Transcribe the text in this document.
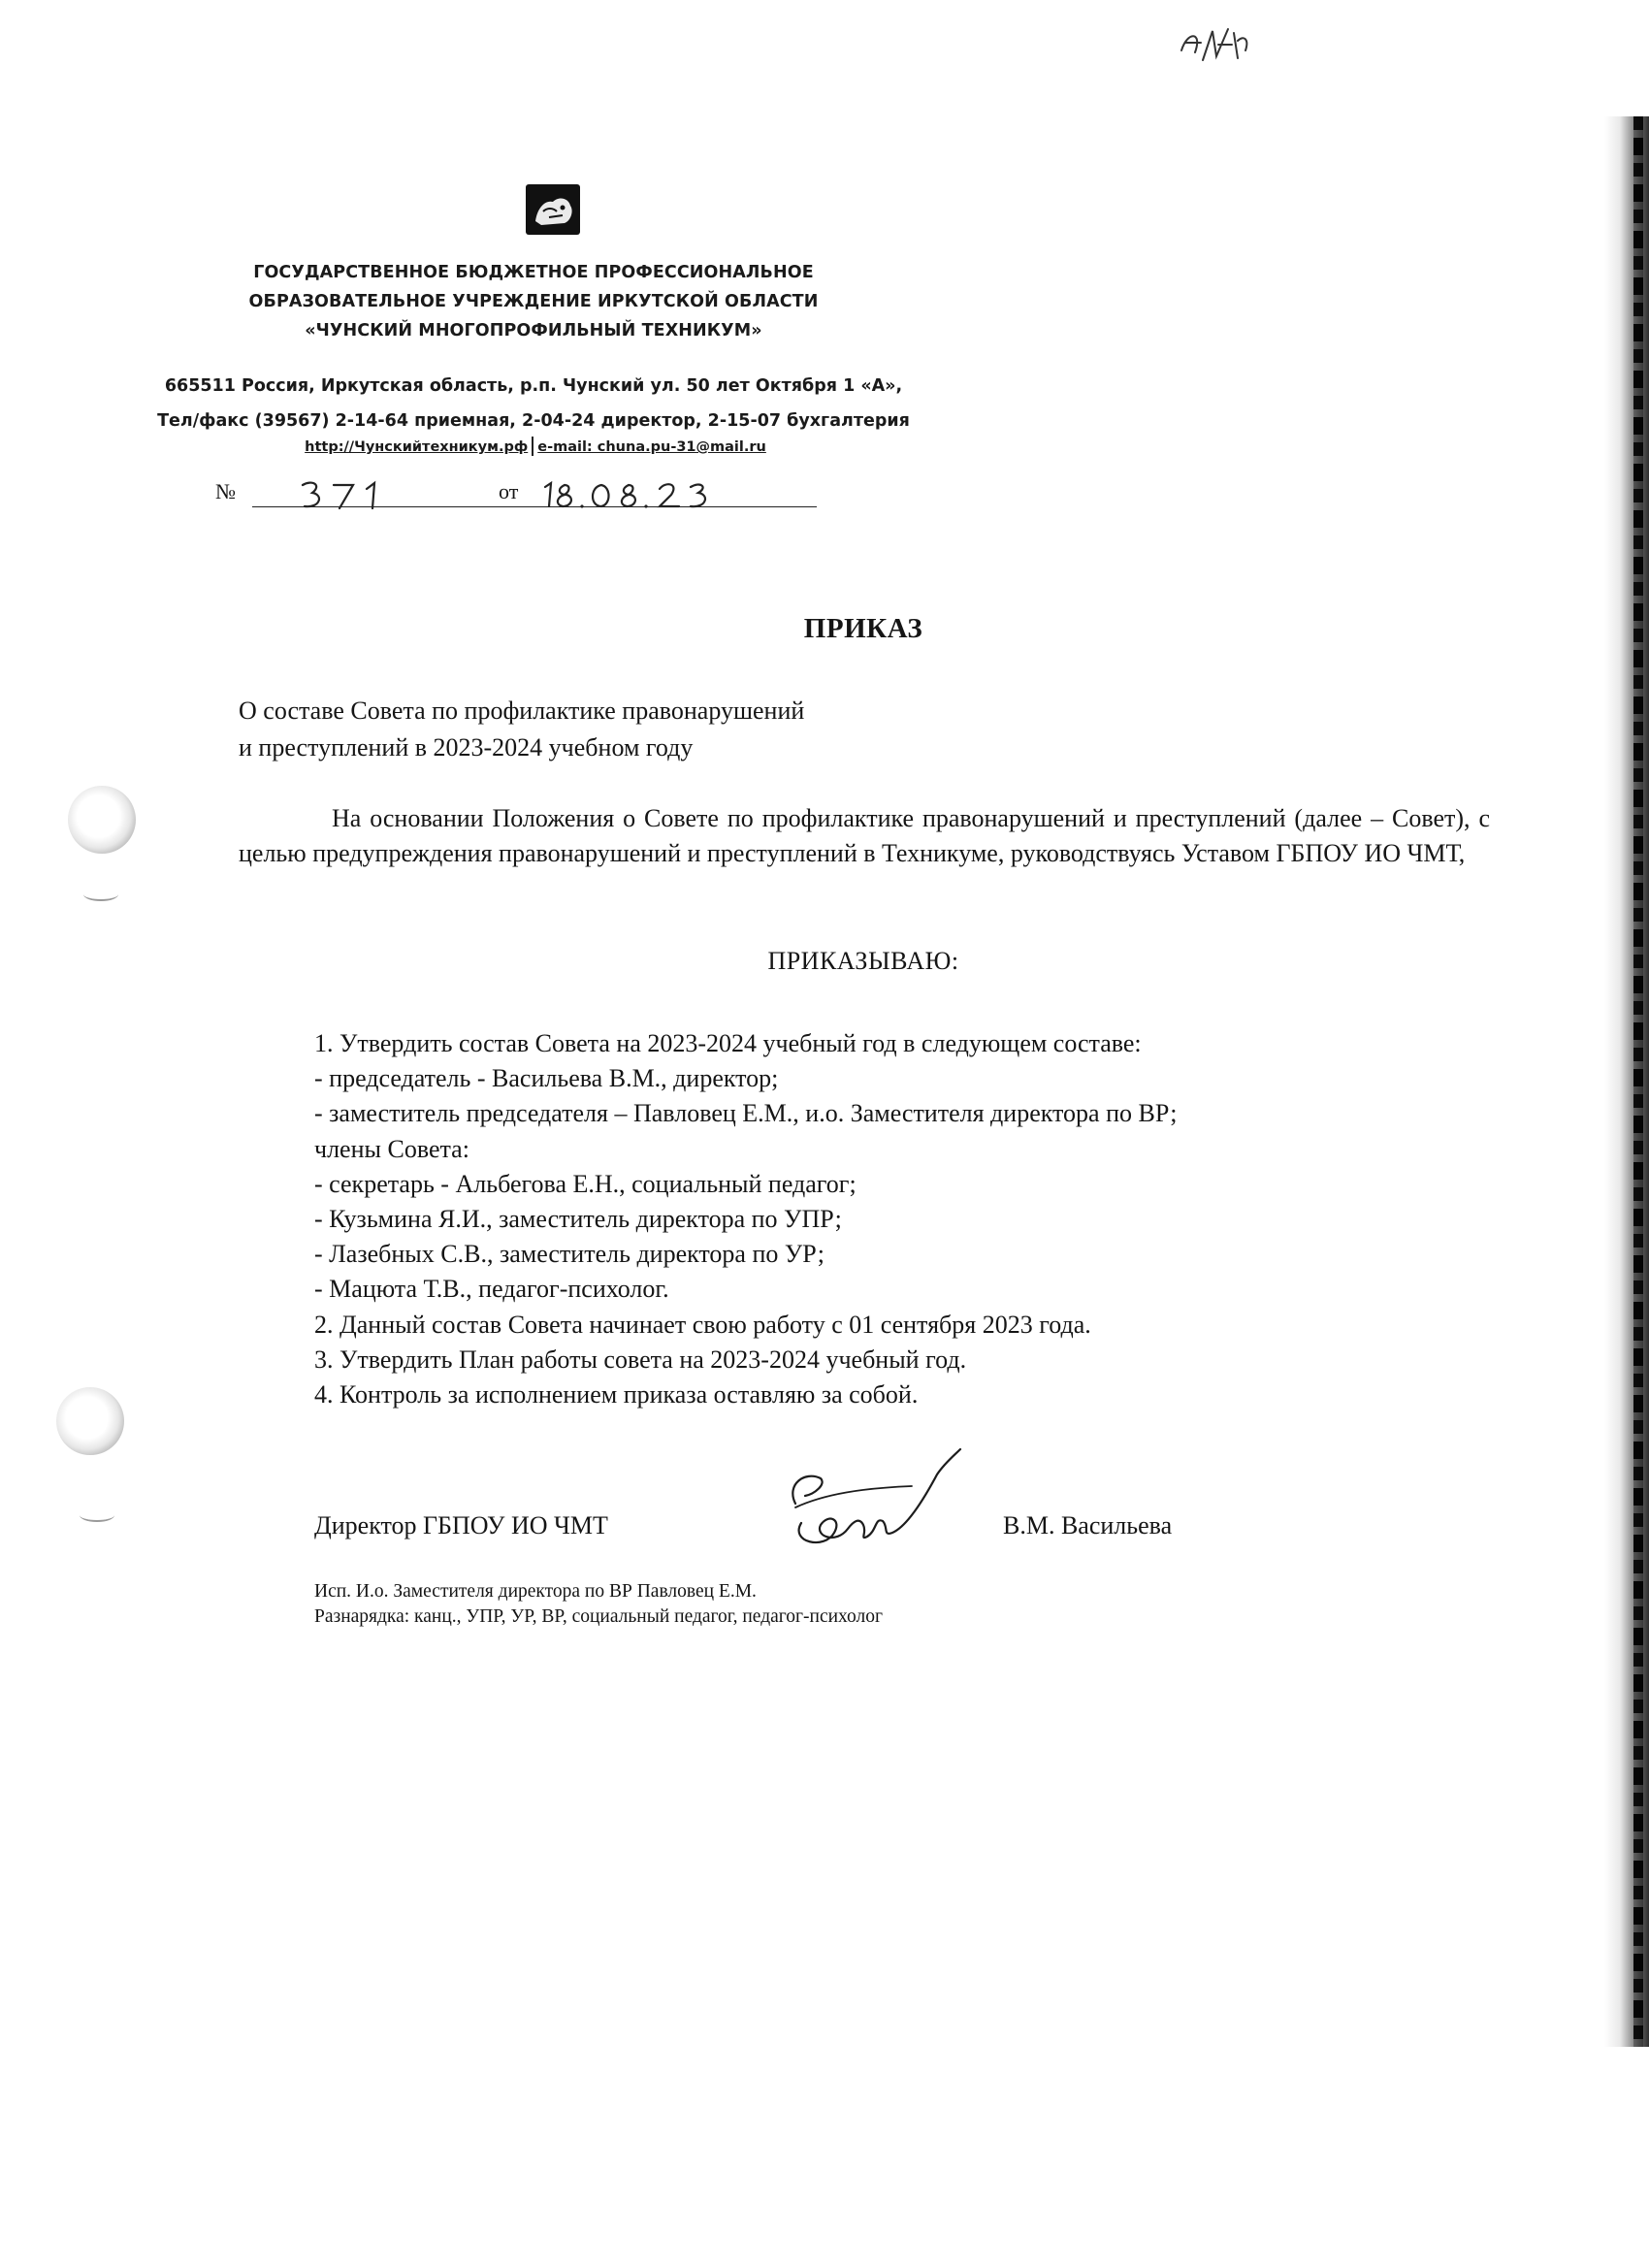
ГОСУДАРСТВЕННОЕ БЮДЖЕТНОЕ ПРОФЕССИОНАЛЬНОЕ
ОБРАЗОВАТЕЛЬНОЕ УЧРЕЖДЕНИЕ ИРКУТСКОЙ ОБЛАСТИ
«ЧУНСКИЙ МНОГОПРОФИЛЬНЫЙ ТЕХНИКУМ»
665511 Россия, Иркутская область, р.п. Чунский ул. 50 лет Октября 1 «А»,
Тел/факс (39567) 2-14-64 приемная, 2-04-24 директор, 2-15-07 бухгалтерия
http://Чунскийтехникум.рф e-mail: chuna.pu-31@mail.ru
№	от
ПРИКАЗ
О составе Совета по профилактике правонарушений
и преступлений в 2023-2024 учебном году
На основании Положения о Совете по профилактике правонарушений и преступлений (далее – Совет), с целью предупреждения правонарушений и преступлений в Техникуме, руководствуясь Уставом ГБПОУ ИО ЧМТ,
ПРИКАЗЫВАЮ:
1. Утвердить состав Совета на 2023-2024 учебный год в следующем составе:
- председатель - Васильева В.М., директор;
- заместитель председателя – Павловец Е.М., и.о. Заместителя директора по ВР;
члены Совета:
- секретарь - Альбегова Е.Н., социальный педагог;
- Кузьмина Я.И., заместитель директора по УПР;
- Лазебных С.В., заместитель директора по УР;
- Мацюта Т.В., педагог-психолог.
2. Данный состав Совета начинает свою работу с 01 сентября 2023 года.
3. Утвердить План работы совета на 2023-2024 учебный год.
4. Контроль за исполнением приказа оставляю за собой.
Директор ГБПОУ ИО ЧМТ	В.М. Васильева
Исп. И.о. Заместителя директора по ВР Павловец Е.М.
Разнарядка: канц., УПР, УР, ВР, социальный педагог, педагог-психолог
